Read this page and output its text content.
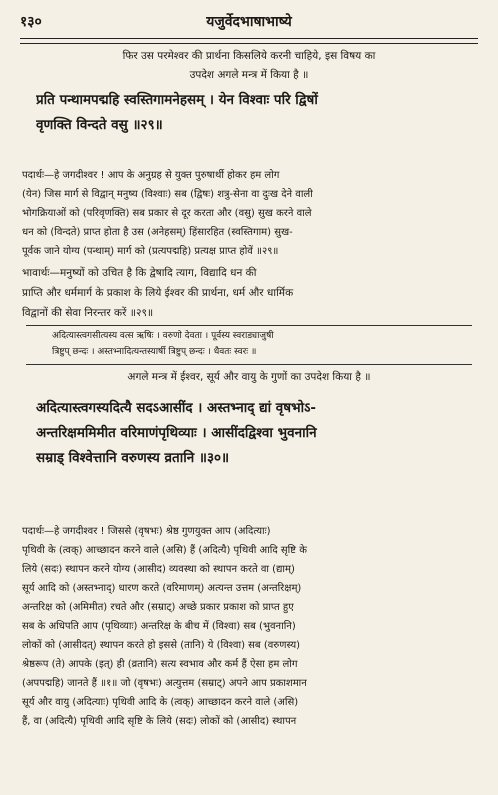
१३०	यजुर्वेदभाषाभाष्ये
फिर उस परमेश्वर की प्रार्थना किसलिये करनी चाहिये, इस विषय का
उपदेश अगले मन्त्र में किया है ॥
प्रति पन्थामपद्महि स्वस्तिगामनेहसम् । येन विश्वाः परि द्विषों
वृणक्ति विन्दते वसु ॥२९॥
पदार्थः—हे जगदीश्वर ! आप के अनुग्रह से युक्त पुरुषार्थी होकर हम लोग
(येन) जिस मार्ग से विद्वान् मनुष्य (विश्वाः) सब (द्विषः) शत्रु-सेना वा दुःख देने वाली
भोगक्रियाओं को (परिवृणक्ति) सब प्रकार से दूर करता और (वसु) सुख करने वाले
धन को (विन्दते) प्राप्त होता है उस (अनेहसम्) हिंसारहित (स्वस्तिगाम) सुख-
पूर्वक जाने योग्य (पन्थाम्) मार्ग को (प्रत्यपद्महि) प्रत्यक्ष प्राप्त होवें ॥२९॥
भावार्थः—मनुष्यों को उचित है कि द्वेषादि त्याग, विद्यादि धन की
प्राप्ति और धर्ममार्ग के प्रकाश के लिये ईश्वर की प्रार्थना, धर्म और धार्मिक
विद्वानों की सेवा निरन्तर करें ॥२९॥
अदित्यास्त्वगसीत्यस्य वत्स ऋषिः । वरुणो देवता । पूर्वस्य स्वराड्याजुषी
त्रिष्टुप् छन्दः । अस्तभ्नादित्यन्तस्यार्षी त्रिष्टुप् छन्दः । धैवतः स्वरः ॥
अगले मन्त्र में ईश्वर, सूर्य और वायु के गुणों का उपदेश किया है ॥
अदित्यास्त्वगस्यदित्यै सदऽआसींद । अस्तभ्नाद् द्यां वृषभोऽ-
अन्तरिक्षममिमीत वरिमाणंपृथिव्याः । आसींदद्विश्वा भुवनानि
सम्राड् विश्वेत्तानि वरुणस्य व्रतानि ॥३०॥
पदार्थः—हे जगदीश्वर ! जिससे (वृषभः) श्रेष्ठ गुणयुक्त आप (अदित्याः)
पृथिवी के (त्वक्) आच्छादन करने वाले (असि) हैं (अदित्यै) पृथिवी आदि सृष्टि के
लिये (सदः) स्थापन करने योग्य (आसीद) व्यवस्था को स्थापन करते वा (द्याम्)
सूर्य आदि को (अस्तभ्नाद्) धारण करते (वरिमाणम्) अत्यन्त उत्तम (अन्तरिक्षम्)
अन्तरिक्ष को (अमिमीत) रचते और (सम्राट्) अच्छे प्रकार प्रकाश को प्राप्त हुए
सब के अधिपति आप (पृथिव्याः) अन्तरिक्ष के बीच में (विश्वा) सब (भुवनानि)
लोकों को (आसीदत्) स्थापन करते हो इससे (तानि) ये (विश्वा) सब (वरुणस्य)
श्रेष्ठरूप (ते) आपके (इत्) ही (व्रतानि) सत्य स्वभाव और कर्म हैं ऐसा हम लोग
(अपपद्महि) जानते हैं ॥१॥ जो (वृषभः) अत्युत्तम (सम्राट्) अपने आप प्रकाशमान
सूर्य और वायु (अदित्याः) पृथिवी आदि के (त्वक्) आच्छादन करने वाले (असि)
हैं, वा (अदित्यै) पृथिवी आदि सृष्टि के लिये (सदः) लोकों को (आसीद) स्थापन
